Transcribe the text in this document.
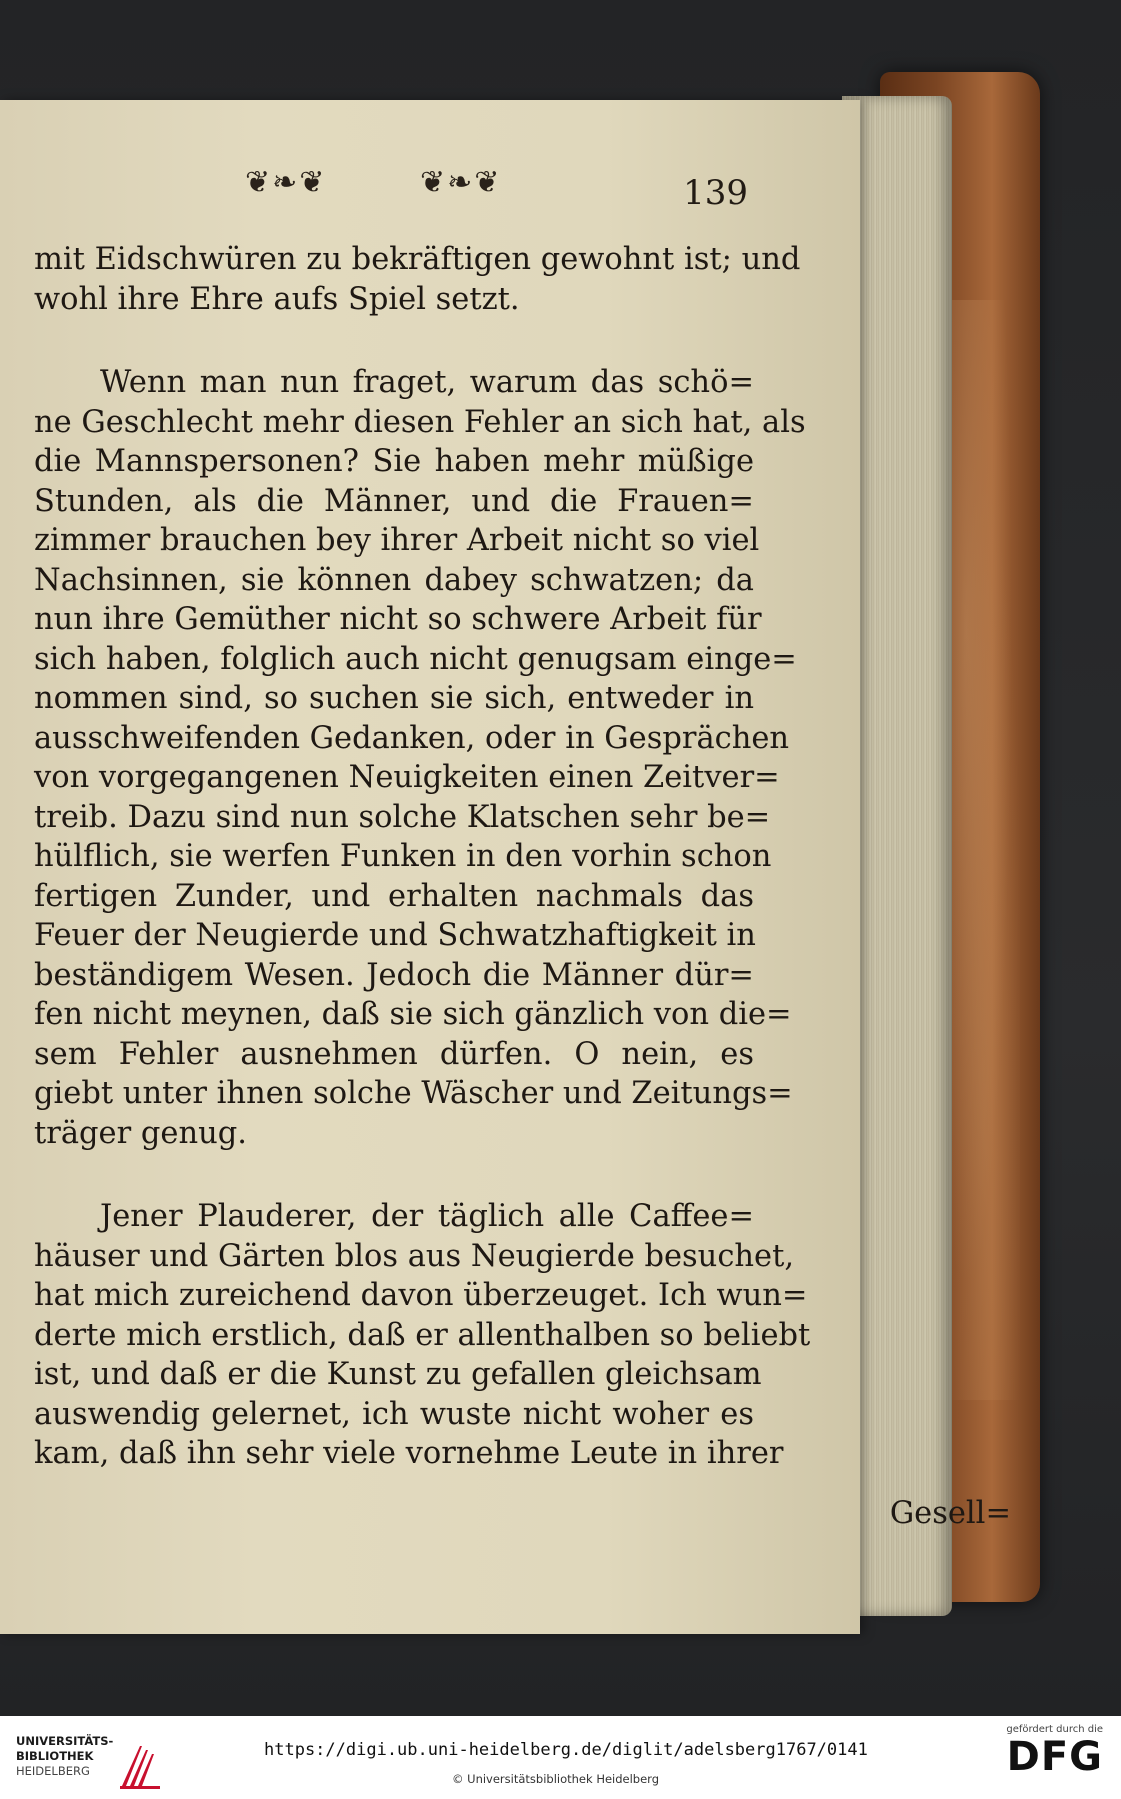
❦❧❦	❦❧❦	139

mit Eidschwüren zu bekräftigen gewohnt ist; und
wohl ihre Ehre aufs Spiel setzt.

Wenn man nun fraget, warum das schö=
ne Geschlecht mehr diesen Fehler an sich hat, als
die Mannspersonen? Sie haben mehr müßige
Stunden, als die Männer, und die Frauen=
zimmer brauchen bey ihrer Arbeit nicht so viel
Nachsinnen, sie können dabey schwatzen; da
nun ihre Gemüther nicht so schwere Arbeit für
sich haben, folglich auch nicht genugsam einge=
nommen sind, so suchen sie sich, entweder in
ausschweifenden Gedanken, oder in Gesprächen
von vorgegangenen Neuigkeiten einen Zeitver=
treib. Dazu sind nun solche Klatschen sehr be=
hülflich, sie werfen Funken in den vorhin schon
fertigen Zunder, und erhalten nachmals das
Feuer der Neugierde und Schwatzhaftigkeit in
beständigem Wesen. Jedoch die Männer dür=
fen nicht meynen, daß sie sich gänzlich von die=
sem Fehler ausnehmen dürfen. O nein, es
giebt unter ihnen solche Wäscher und Zeitungs=
träger genug.

Jener Plauderer, der täglich alle Caffee=
häuser und Gärten blos aus Neugierde besuchet,
hat mich zureichend davon überzeuget. Ich wun=
derte mich erstlich, daß er allenthalben so beliebt
ist, und daß er die Kunst zu gefallen gleichsam
auswendig gelernet, ich wuste nicht woher es
kam, daß ihn sehr viele vornehme Leute in ihrer

Gesell=
UNIVERSITÄTS-
BIBLIOTHEK
HEIDELBERG
https://digi.ub.uni-heidelberg.de/diglit/adelsberg1767/0141
© Universitätsbibliothek Heidelberg
gefördert durch die
DFG
